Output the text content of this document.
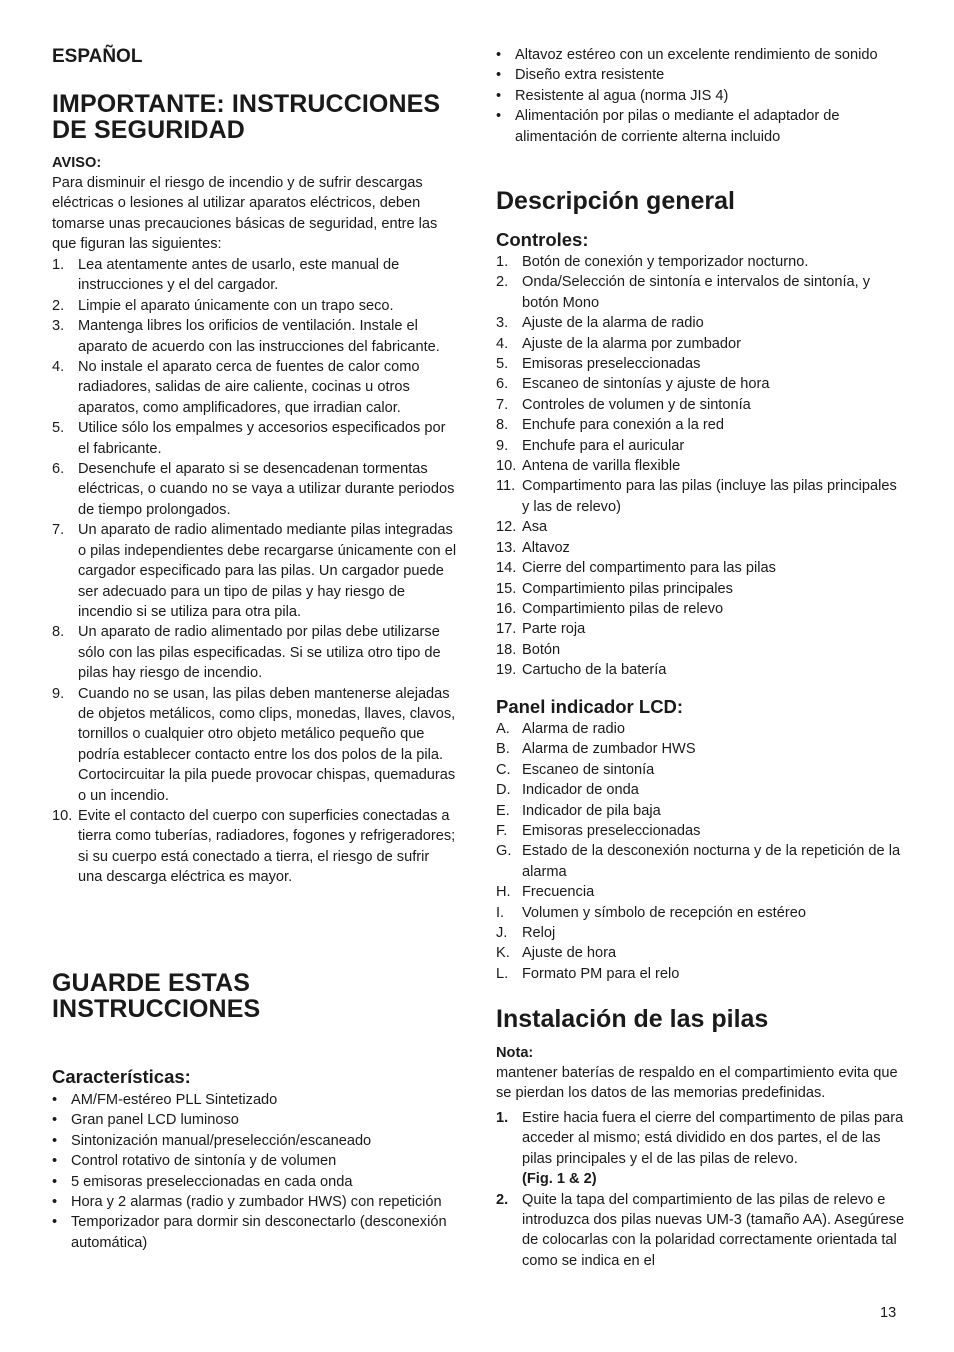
ESPAÑOL
IMPORTANTE: INSTRUCCIONES DE SEGURIDAD
AVISO:

Para disminuir el riesgo de incendio y de sufrir descargas eléctricas o lesiones al utilizar aparatos eléctricos, deben tomarse unas precauciones básicas de seguridad, entre las que figuran las siguientes:

1. Lea atentamente antes de usarlo, este manual de instrucciones y el del cargador.
2. Limpie el aparato únicamente con un trapo seco.
3. Mantenga libres los orificios de ventilación. Instale el aparato de acuerdo con las instrucciones del fabricante.
4. No instale el aparato cerca de fuentes de calor como radiadores, salidas de aire caliente, cocinas u otros aparatos, como amplificadores, que irradian calor.
5. Utilice sólo los empalmes y accesorios especificados por el fabricante.
6. Desenchufe el aparato si se desencadenan tormentas eléctricas, o cuando no se vaya a utilizar durante periodos de tiempo prolongados.
7. Un aparato de radio alimentado mediante pilas integradas o pilas independientes debe recargarse únicamente con el cargador especificado para las pilas. Un cargador puede ser adecuado para un tipo de pilas y hay riesgo de incendio si se utiliza para otra pila.
8. Un aparato de radio alimentado por pilas debe utilizarse sólo con las pilas especificadas. Si se utiliza otro tipo de pilas hay riesgo de incendio.
9. Cuando no se usan, las pilas deben mantenerse alejadas de objetos metálicos, como clips, monedas, llaves, clavos, tornillos o cualquier otro objeto metálico pequeño que podría establecer contacto entre los dos polos de la pila. Cortocircuitar la pila puede provocar chispas, quemaduras o un incendio.
10. Evite el contacto del cuerpo con superficies conectadas a tierra como tuberías, radiadores, fogones y refrigeradores; si su cuerpo está conectado a tierra, el riesgo de sufrir una descarga eléctrica es mayor.
GUARDE ESTAS INSTRUCCIONES
Características:
• AM/FM-estéreo PLL Sintetizado
• Gran panel LCD luminoso
• Sintonización manual/preselección/escaneado
• Control rotativo de sintonía y de volumen
• 5 emisoras preseleccionadas en cada onda
• Hora y 2 alarmas (radio y zumbador HWS) con repetición
• Temporizador para dormir sin desconectarlo (desconexión automática)
• Altavoz estéreo con un excelente rendimiento de sonido
• Diseño extra resistente
• Resistente al agua (norma JIS 4)
• Alimentación por pilas o mediante el adaptador de alimentación de corriente alterna incluido
Descripción general
Controles:
1. Botón de conexión y temporizador nocturno.
2. Onda/Selección de sintonía e intervalos de sintonía, y botón Mono
3. Ajuste de la alarma de radio
4. Ajuste de la alarma por zumbador
5. Emisoras preseleccionadas
6. Escaneo de sintonías y ajuste de hora
7. Controles de volumen y de sintonía
8. Enchufe para conexión a la red
9. Enchufe para el auricular
10. Antena de varilla flexible
11. Compartimento para las pilas (incluye las pilas principales y las de relevo)
12. Asa
13. Altavoz
14. Cierre del compartimento para las pilas
15. Compartimiento pilas principales
16. Compartimiento pilas de relevo
17. Parte roja
18. Botón
19. Cartucho de la batería
Panel indicador LCD:
A. Alarma de radio
B. Alarma de zumbador HWS
C. Escaneo de sintonía
D. Indicador de onda
E. Indicador de pila baja
F. Emisoras preseleccionadas
G. Estado de la desconexión nocturna y de la repetición de la alarma
H. Frecuencia
I. Volumen y símbolo de recepción en estéreo
J. Reloj
K. Ajuste de hora
L. Formato PM para el relo
Instalación de las pilas
Nota:

mantener baterías de respaldo en el compartimiento evita que se pierdan los datos de las memorias predefinidas.

1. Estire hacia fuera el cierre del compartimento de pilas para acceder al mismo; está dividido en dos partes, el de las pilas principales y el de las pilas de relevo.
(Fig. 1 & 2)
2. Quite la tapa del compartimiento de las pilas de relevo e introduzca dos pilas nuevas UM-3 (tamaño AA). Asegúrese de colocarlas con la polaridad correctamente orientada tal como se indica en el
13
